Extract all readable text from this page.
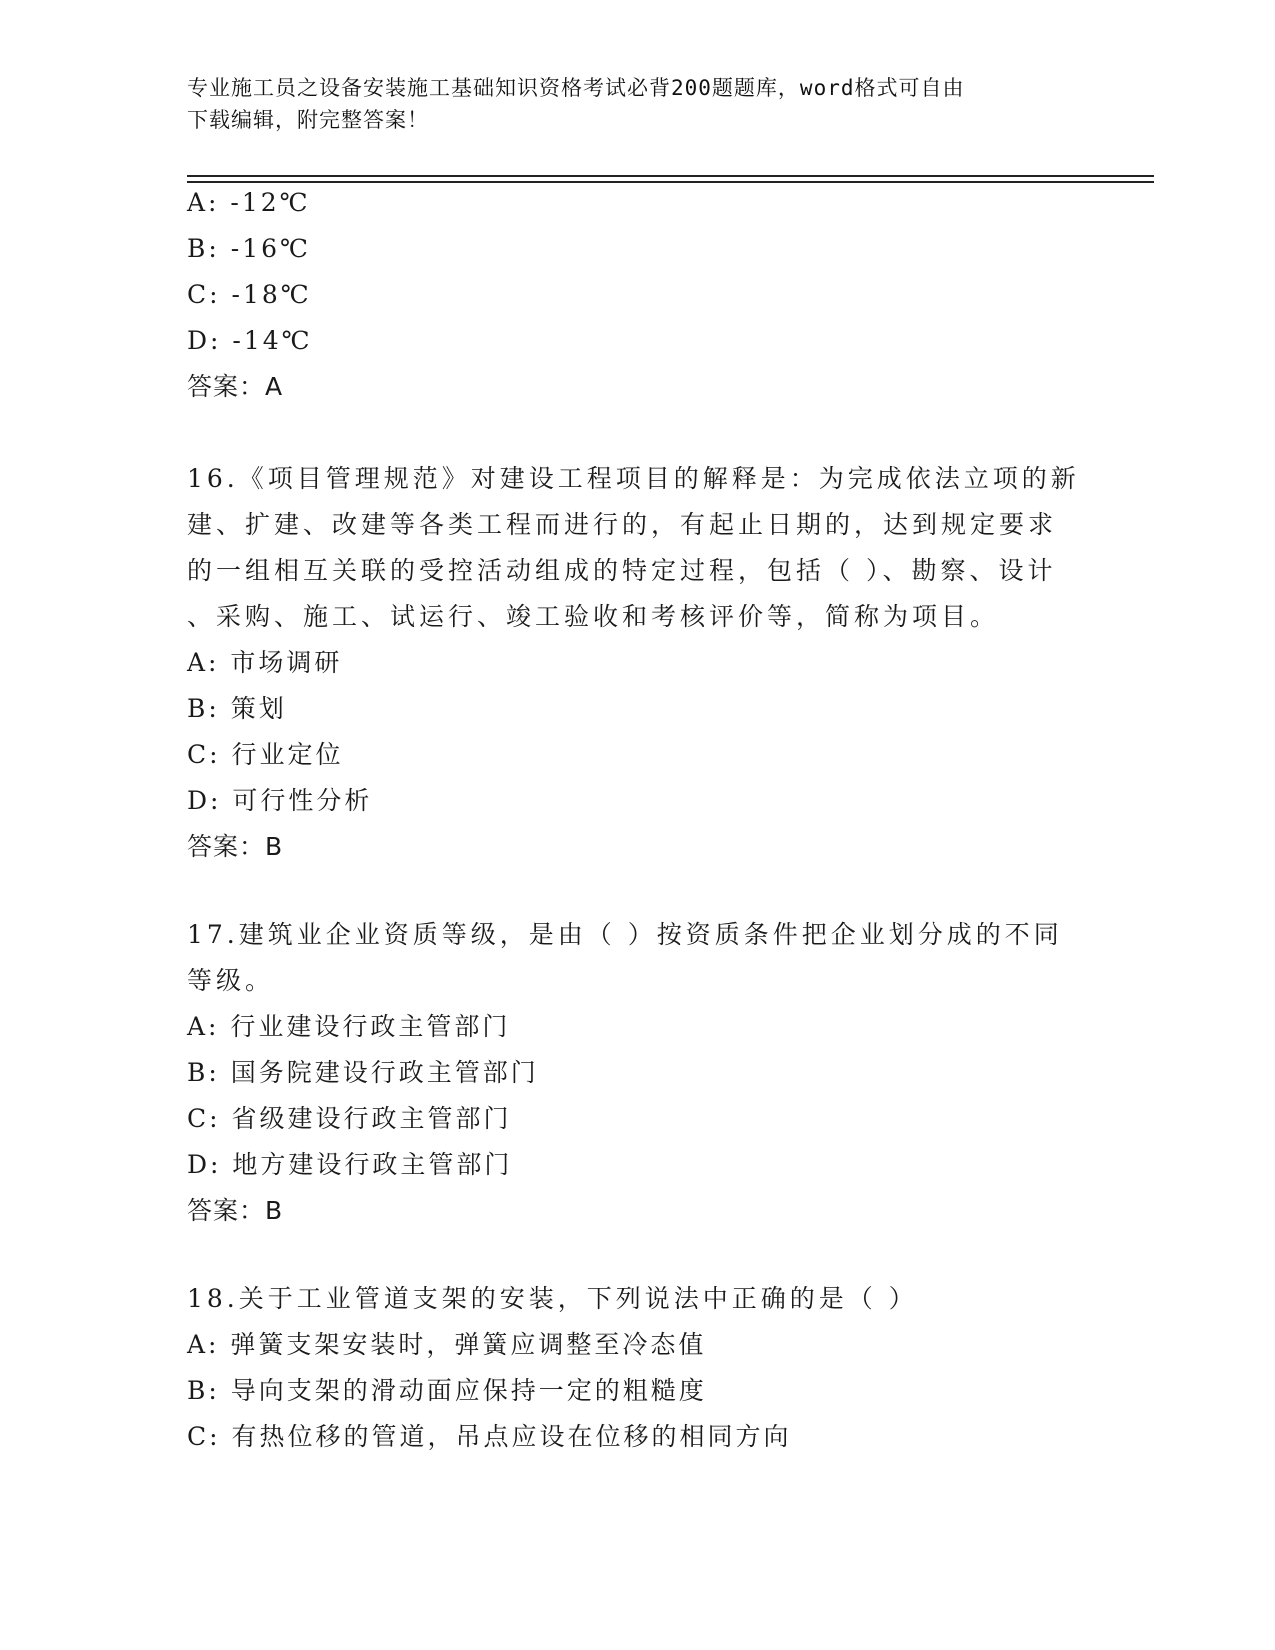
专业施工员之设备安装施工基础知识资格考试必背200题题库，word格式可自由
下载编辑，附完整答案！
A: -12℃
B: -16℃
C: -18℃
D: -14℃
答案：A
16.《项目管理规范》对建设工程项目的解释是：为完成依法立项的新
建、扩建、改建等各类工程而进行的，有起止日期的，达到规定要求
的一组相互关联的受控活动组成的特定过程，包括（ ）、勘察、设计
、采购、施工、试运行、竣工验收和考核评价等，简称为项目。
A: 市场调研
B: 策划
C: 行业定位
D: 可行性分析
答案：B
17.建筑业企业资质等级，是由（ ）按资质条件把企业划分成的不同
等级。
A: 行业建设行政主管部门
B: 国务院建设行政主管部门
C: 省级建设行政主管部门
D: 地方建设行政主管部门
答案：B
18.关于工业管道支架的安装，下列说法中正确的是（ ）
A: 弹簧支架安装时，弹簧应调整至冷态值
B: 导向支架的滑动面应保持一定的粗糙度
C: 有热位移的管道，吊点应设在位移的相同方向
